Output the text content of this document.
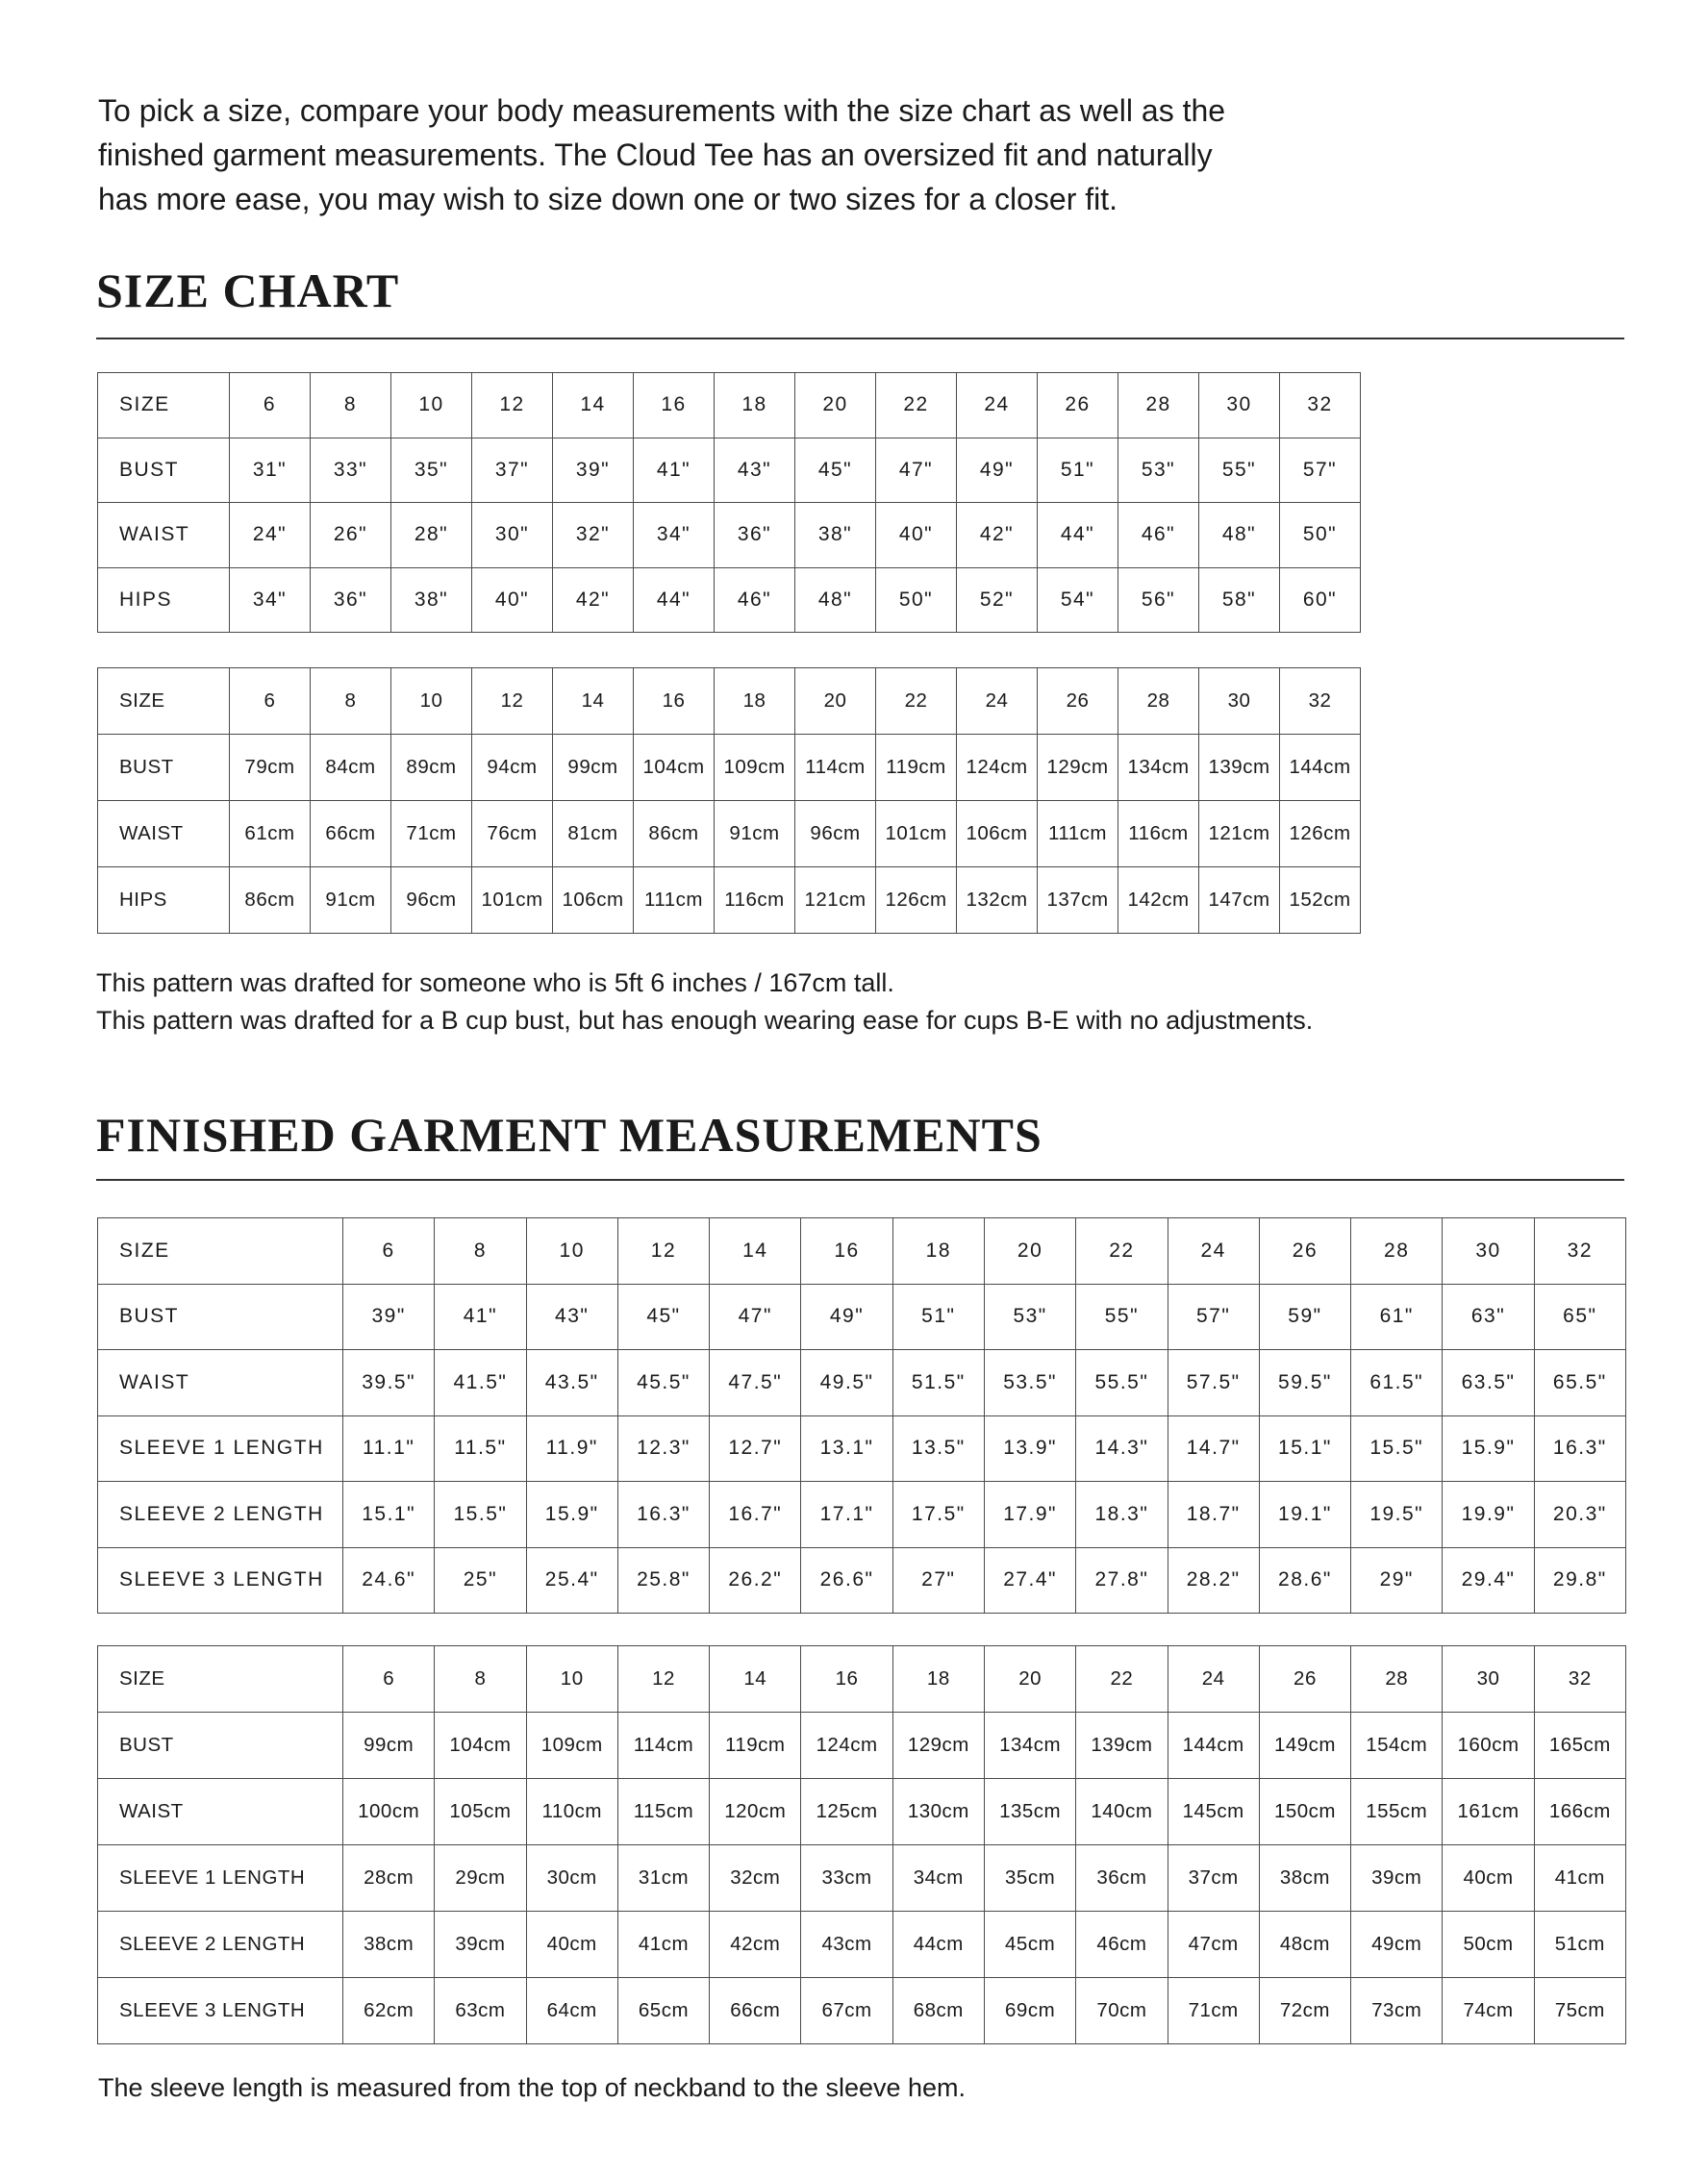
To pick a size, compare your body measurements with the size chart as well as the
finished garment measurements. The Cloud Tee has an oversized fit and naturally
has more ease, you may wish to size down one or two sizes for a closer fit.
SIZE CHART
SIZE	6	8	10	12	14	16	18	20	22	24	26	28	30	32
BUST	31"	33"	35"	37"	39"	41"	43"	45"	47"	49"	51"	53"	55"	57"
WAIST	24"	26"	28"	30"	32"	34"	36"	38"	40"	42"	44"	46"	48"	50"
HIPS	34"	36"	38"	40"	42"	44"	46"	48"	50"	52"	54"	56"	58"	60"
SIZE	6	8	10	12	14	16	18	20	22	24	26	28	30	32
BUST	79cm	84cm	89cm	94cm	99cm	104cm	109cm	114cm	119cm	124cm	129cm	134cm	139cm	144cm
WAIST	61cm	66cm	71cm	76cm	81cm	86cm	91cm	96cm	101cm	106cm	111cm	116cm	121cm	126cm
HIPS	86cm	91cm	96cm	101cm	106cm	111cm	116cm	121cm	126cm	132cm	137cm	142cm	147cm	152cm

This pattern was drafted for someone who is 5ft 6 inches / 167cm tall.

This pattern was drafted for a B cup bust, but has enough wearing ease for cups B-E with no adjustments.

FINISHED GARMENT MEASUREMENTS
SIZE	6	8	10	12	14	16	18	20	22	24	26	28	30	32
BUST	39"	41"	43"	45"	47"	49"	51"	53"	55"	57"	59"	61"	63"	65"
WAIST	39.5"	41.5"	43.5"	45.5"	47.5"	49.5"	51.5"	53.5"	55.5"	57.5"	59.5"	61.5"	63.5"	65.5"
SLEEVE 1 LENGTH	11.1"	11.5"	11.9"	12.3"	12.7"	13.1"	13.5"	13.9"	14.3"	14.7"	15.1"	15.5"	15.9"	16.3"
SLEEVE 2 LENGTH	15.1"	15.5"	15.9"	16.3"	16.7"	17.1"	17.5"	17.9"	18.3"	18.7"	19.1"	19.5"	19.9"	20.3"
SLEEVE 3 LENGTH	24.6"	25"	25.4"	25.8"	26.2"	26.6"	27"	27.4"	27.8"	28.2"	28.6"	29"	29.4"	29.8"
SIZE	6	8	10	12	14	16	18	20	22	24	26	28	30	32
BUST	99cm	104cm	109cm	114cm	119cm	124cm	129cm	134cm	139cm	144cm	149cm	154cm	160cm	165cm
WAIST	100cm	105cm	110cm	115cm	120cm	125cm	130cm	135cm	140cm	145cm	150cm	155cm	161cm	166cm
SLEEVE 1 LENGTH	28cm	29cm	30cm	31cm	32cm	33cm	34cm	35cm	36cm	37cm	38cm	39cm	40cm	41cm
SLEEVE 2 LENGTH	38cm	39cm	40cm	41cm	42cm	43cm	44cm	45cm	46cm	47cm	48cm	49cm	50cm	51cm
SLEEVE 3 LENGTH	62cm	63cm	64cm	65cm	66cm	67cm	68cm	69cm	70cm	71cm	72cm	73cm	74cm	75cm

The sleeve length is measured from the top of neckband to the sleeve hem.
